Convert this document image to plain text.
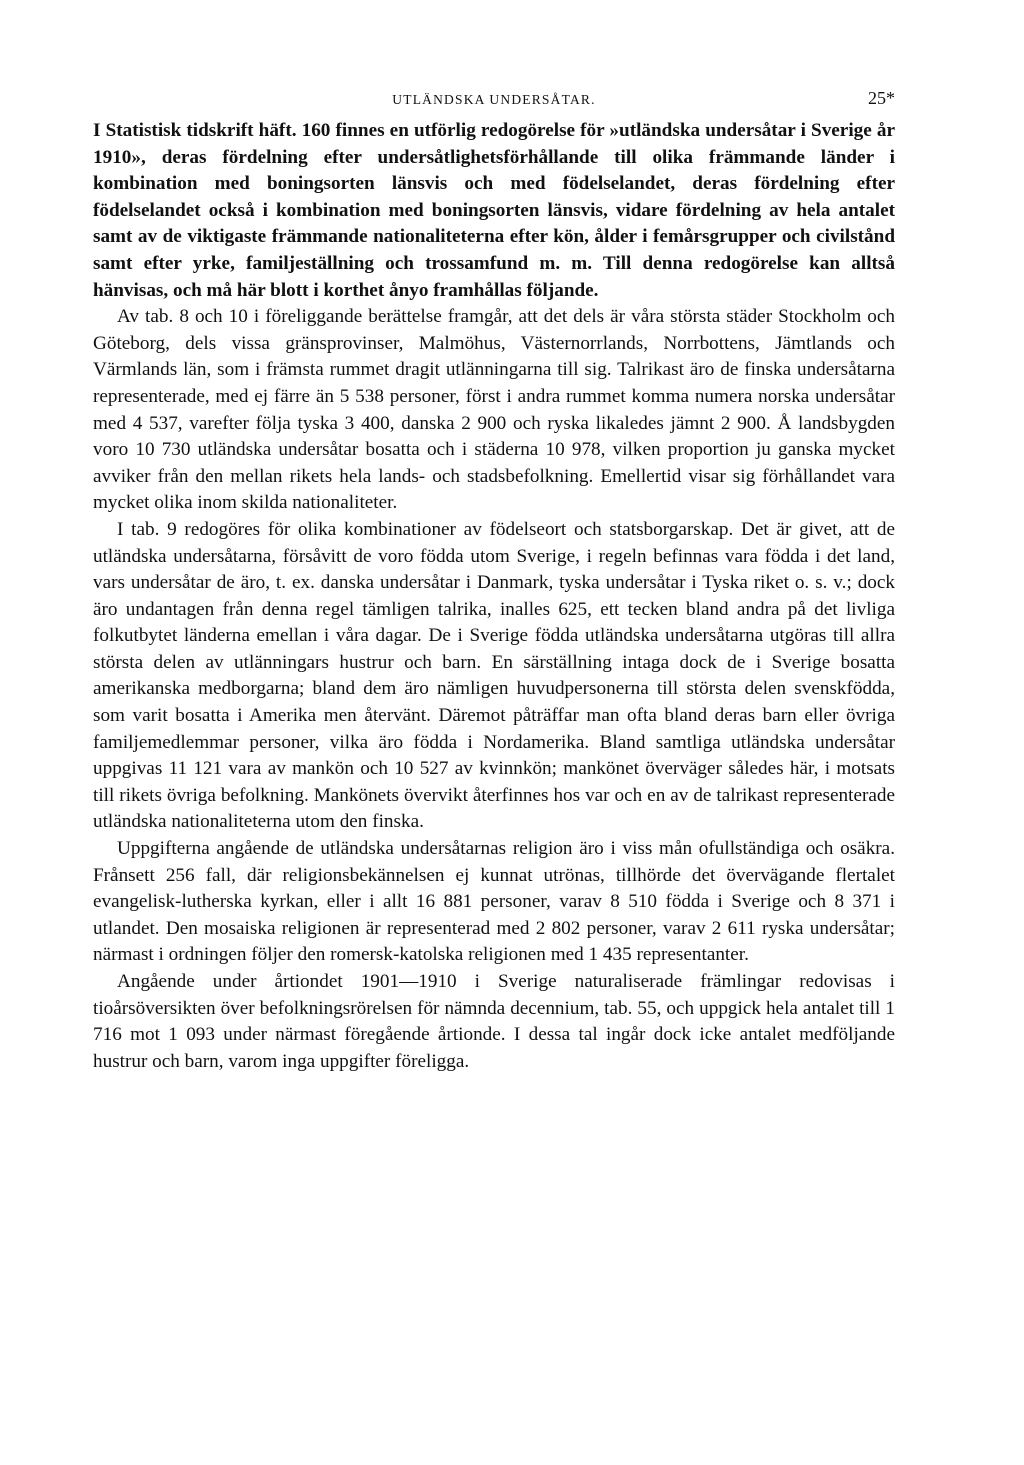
UTLÄNDSKA UNDERSÅTAR.	25*

I Statistisk tidskrift häft. 160 finnes en utförlig redogörelse för »utländska undersåtar i Sverige år 1910», deras fördelning efter undersåtlighetsförhållande till olika främmande länder i kombination med boningsorten länsvis och med födelselandet, deras fördelning efter födelselandet också i kombination med boningsorten länsvis, vidare fördelning av hela antalet samt av de viktigaste främmande nationaliteterna efter kön, ålder i femårsgrupper och civilstånd samt efter yrke, familjeställning och trossamfund m. m. Till denna redogörelse kan alltså hänvisas, och må här blott i korthet ånyo framhållas följande.

Av tab. 8 och 10 i föreliggande berättelse framgår, att det dels är våra största städer Stockholm och Göteborg, dels vissa gränsprovinser, Malmöhus, Västernorrlands, Norrbottens, Jämtlands och Värmlands län, som i främsta rummet dragit utlänningarna till sig. Talrikast äro de finska undersåtarna representerade, med ej färre än 5 538 personer, först i andra rummet komma numera norska undersåtar med 4 537, varefter följa tyska 3 400, danska 2 900 och ryska likaledes jämnt 2 900. Å landsbygden voro 10 730 utländska undersåtar bosatta och i städerna 10 978, vilken proportion ju ganska mycket avviker från den mellan rikets hela lands- och stadsbefolkning. Emellertid visar sig förhållandet vara mycket olika inom skilda nationaliteter.

I tab. 9 redogöres för olika kombinationer av födelseort och statsborgarskap. Det är givet, att de utländska undersåtarna, försåvitt de voro födda utom Sverige, i regeln befinnas vara födda i det land, vars undersåtar de äro, t. ex. danska undersåtar i Danmark, tyska undersåtar i Tyska riket o. s. v.; dock äro undantagen från denna regel tämligen talrika, inalles 625, ett tecken bland andra på det livliga folkutbytet länderna emellan i våra dagar. De i Sverige födda utländska undersåtarna utgöras till allra största delen av utlänningars hustrur och barn. En särställning intaga dock de i Sverige bosatta amerikanska medborgarna; bland dem äro nämligen huvudpersonerna till största delen svenskfödda, som varit bosatta i Amerika men återvänt. Däremot påträffar man ofta bland deras barn eller övriga familjemedlemmar personer, vilka äro födda i Nordamerika. Bland samtliga utländska undersåtar uppgivas 11 121 vara av mankön och 10 527 av kvinnkön; mankönet överväger således här, i motsats till rikets övriga befolkning. Mankönets övervikt återfinnes hos var och en av de talrikast representerade utländska nationaliteterna utom den finska.

Uppgifterna angående de utländska undersåtarnas religion äro i viss mån ofullständiga och osäkra. Frånsett 256 fall, där religionsbekännelsen ej kunnat utrönas, tillhörde det övervägande flertalet evangelisk-lutherska kyrkan, eller i allt 16 881 personer, varav 8 510 födda i Sverige och 8 371 i utlandet. Den mosaiska religionen är representerad med 2 802 personer, varav 2 611 ryska undersåtar; närmast i ordningen följer den romersk-katolska religionen med 1 435 representanter.

Angående under årtiondet 1901—1910 i Sverige naturaliserade främlingar redovisas i tioårsöversikten över befolkningsrörelsen för nämnda decennium, tab. 55, och uppgick hela antalet till 1 716 mot 1 093 under närmast föregående årtionde. I dessa tal ingår dock icke antalet medföljande hustrur och barn, varom inga uppgifter föreligga.
